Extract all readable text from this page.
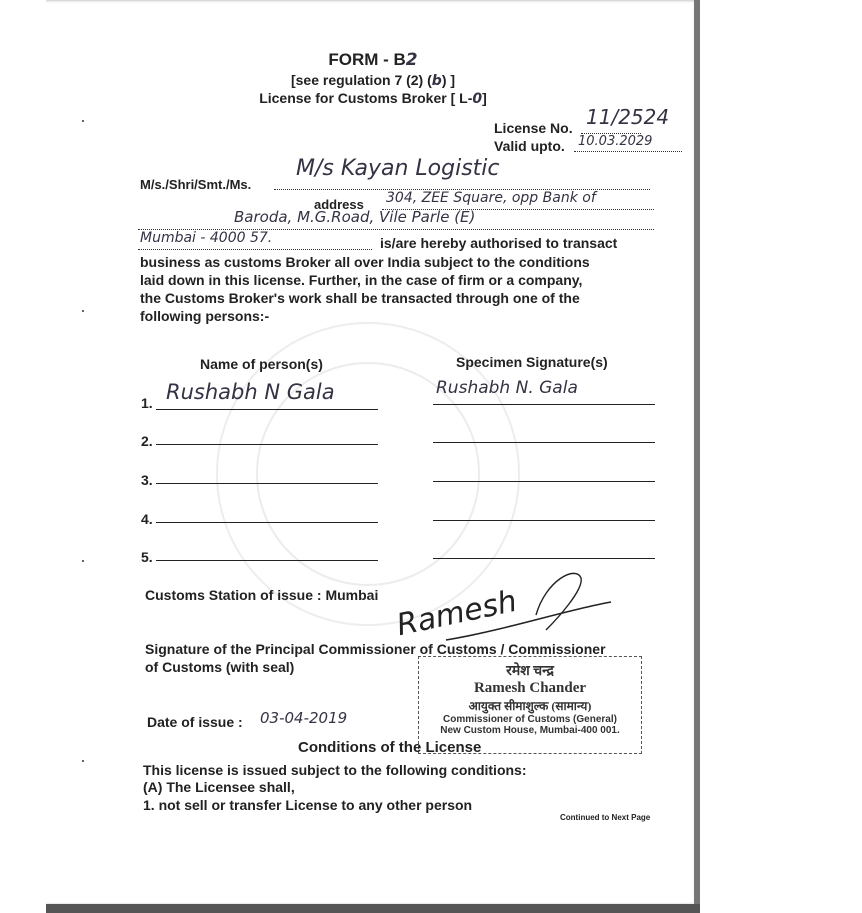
FORM - B2
[see regulation 7 (2) (b) ]
License for Customs Broker [ L-0]
License No. 11/2524
Valid upto. 10.03.2029
M/s./Shri/Smt./Ms.
M/s Kayan Logistic
address 304, ZEE Square, opp Bank of
Baroda, M.G.Road, Vile Parle (E)
Mumbai - 4000 57.	is/are hereby authorised to transact
business as customs Broker all over India subject to the conditions
laid down in this license. Further, in the case of firm or a company,
the Customs Broker's work shall be transacted through one of the
following persons:-
Name of person(s)	Specimen Signature(s)
1. Rushabh N Gala	Rushabh N. Gala
2.
3.
4.
5.
Customs Station of issue : Mumbai Ramesh
Signature of the Principal Commissioner of Customs / Commissioner
of Customs (with seal)	रमेश चन्द्र
Ramesh Chander
आयुक्त सीमाशुल्क (सामान्य)
Commissioner of Customs (General)
New Custom House, Mumbai-400 001.
Date of issue : 03-04-2019
Conditions of the License
This license is issued subject to the following conditions:
(A) The Licensee shall,
1. not sell or transfer License to any other person
Continued to Next Page
